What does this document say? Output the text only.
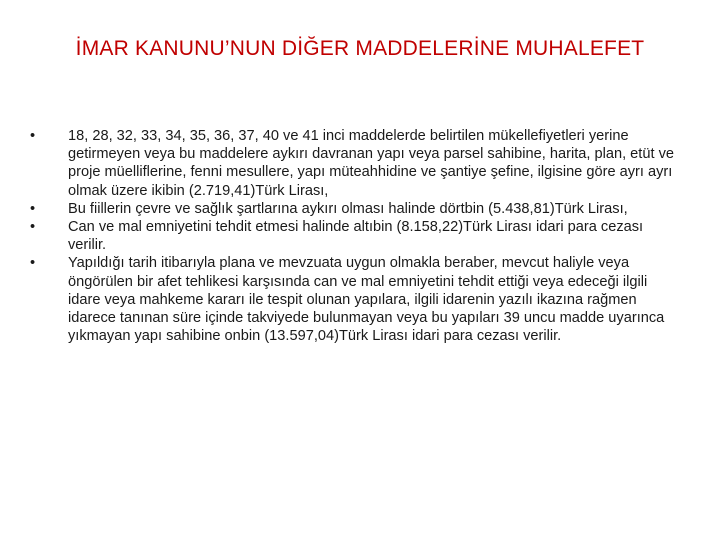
İMAR KANUNU’NUN DİĞER MADDELERİNE MUHALEFET
•	18, 28, 32, 33, 34, 35, 36, 37, 40 ve 41 inci maddelerde belirtilen mükellefiyetleri yerine getirmeyen veya bu maddelere aykırı davranan yapı veya parsel sahibine, harita, plan, etüt ve proje müelliflerine, fenni mesullere, yapı müteahhidine ve şantiye şefine, ilgisine göre ayrı ayrı olmak üzere ikibin (2.719,41)Türk Lirası,
•	Bu fiillerin çevre ve sağlık şartlarına aykırı olması halinde dörtbin (5.438,81)Türk Lirası,
•	Can ve mal emniyetini tehdit etmesi halinde altıbin (8.158,22)Türk Lirası idari para cezası verilir.
•	Yapıldığı tarih itibarıyla plana ve mevzuata uygun olmakla beraber, mevcut haliyle veya öngörülen bir afet tehlikesi karşısında can ve mal emniyetini tehdit ettiği veya edeceği ilgili idare veya mahkeme kararı ile tespit olunan yapılara, ilgili idarenin yazılı ikazına rağmen idarece tanınan süre içinde takviyede bulunmayan veya bu yapıları 39 uncu madde uyarınca yıkmayan yapı sahibine onbin (13.597,04)Türk Lirası idari para cezası verilir.
